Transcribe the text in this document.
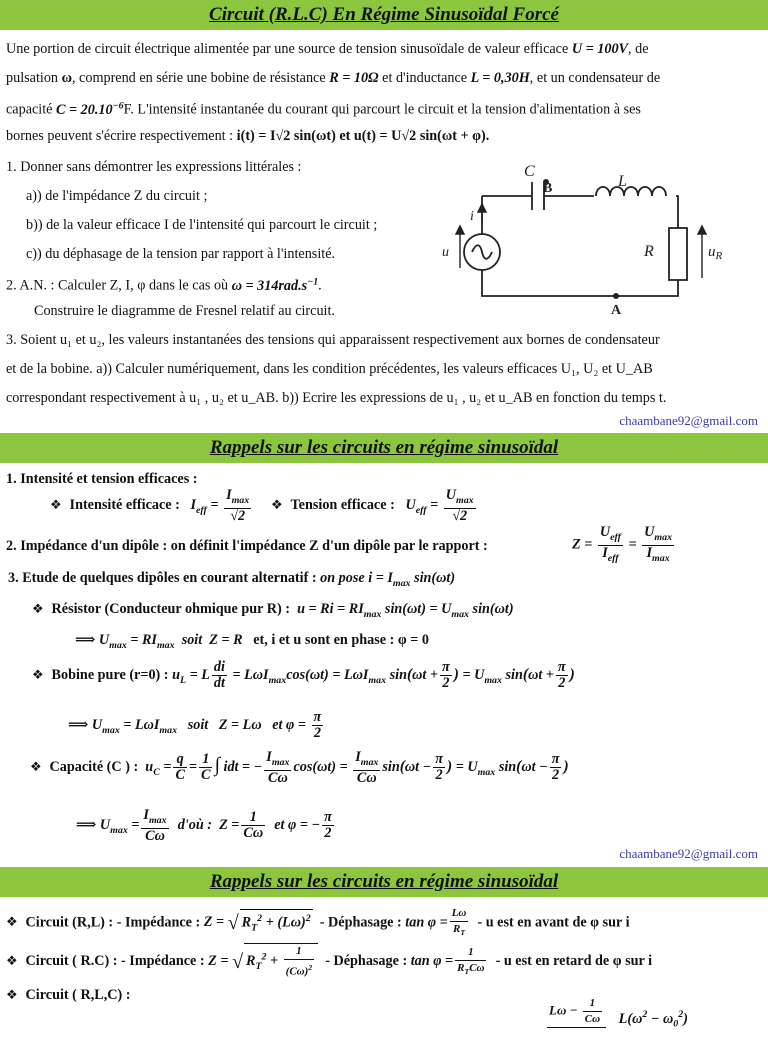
Circuit (R.L.C) En Régime Sinusoïdal Forcé
Une portion de circuit électrique alimentée par une source de tension sinusoïdale de valeur efficace U = 100V, de
pulsation ω, comprend en série une bobine de résistance R = 10Ω et d'inductance L = 0,30H, et un condensateur de
capacité $C = 20.10^{-6}F$. L'intensité instantanée du courant qui parcourt le circuit et la tension d'alimentation à ses
bornes peuvent s'écrire respectivement : i(t) = I√2 sin(ωt) et u(t) = U√2 sin(ωt + φ).
1. Donner sans démontrer les expressions littérales :
a)) de l'impédance Z du circuit ;
b)) de la valeur efficace I de l'intensité qui parcourt le circuit ;
c)) du déphasage de la tension par rapport à l'intensité.
2. A.N. : Calculer Z, I, φ dans le cas où $\omega = 314rad.s^{-1}$.
Construire le diagramme de Fresnel relatif au circuit.
3. Soient u₁ et u₂, les valeurs instantanées des tensions qui apparaissent respectivement aux bornes de condensateur
et de la bobine. a)) Calculer numériquement, dans les condition précédentes, les valeurs efficaces U₁, U₂ et U_AB
correspondant respectivement à u₁ , u₂ et u_AB. b)) Ecrire les expressions de u₁ , u₂ et u_AB en fonction du temps t.
C
L
i
u	R	$u_R$
B
A
chaambane92@gmail.com
Rappels sur les circuits en régime sinusoïdal
1. Intensité et tension efficaces :
❖ Intensité efficace : $I_{eff} = \frac{I_{max}}{√2}$ ❖ Tension efficace : $U_{eff} = \frac{U_{max}}{√2}$
2. Impédance d'un dipôle : on définit l'impédance Z d'un dipôle par le rapport :	$Z = \frac{U_{eff}}{I_{eff}} = \frac{U_{max}}{I_{max}}$
3. Etude de quelques dipôles en courant alternatif : on pose $i = I_{max}$ sin(ωt)
❖ Résistor (Conducteur ohmique pur R) : $u = Ri = RI_{max}$ $\sin(\omega t) = U_{max}$ sin(ωt)
⟹ $U_{max} = RI_{max}$  soit  Z = R et, i et u sont en phase : φ = 0
❖ Bobine pure (r=0) : $u_L = L \frac{di}{dt} = L\omega I_{max}\cos(\omega t) = L\omega I_{max}$ $\sin(\omega t + \frac{\pi}{2}$ ) = $U_{max}$ $\sin(\omega t + \frac{\pi}{2}$ )
⟹ $U_{max} = L\omega I_{max}$   soit   Z = Lω   et $\varphi = \frac{\pi}{2}$
❖ Capacité (C ) : $u_C = \frac{q}{C} = \frac{1}{C}$ ∫ idt = − $\frac{I_{max}}{C\omega} \cos(\omega t) = \frac{I_{max}}{C\omega} \sin(\omega t - \frac{\pi}{2}$ ) = $U_{max}$ $\sin(\omega t - \frac{\pi}{2}$ )
⟹ $U_{max} = \frac{I_{max}}{C\omega}$ d'où : $Z = \frac{1}{C\omega}$ et φ = − $\frac{\pi}{2}$
chaambane92@gmail.com
Rappels sur les circuits en régime sinusoïdal
❖ Circuit (R,L) : - Impédance : Z = √ $R_T^2 + (L\omega)^2$ - Déphasage : $\tan \varphi = \frac{L\omega}{R_T} - u$ est en avant de φ sur i
❖ Circuit ( R.C) : - Impédance : Z = √ $R_T^2 + \frac{1}{(C\omega)^2}$ - Déphasage : $\tan \varphi = \frac{1}{R_TC\omega} - u$ est en retard de φ sur i
❖ Circuit ( R,L,C) :
$L\omega - \frac{1}{C\omega}$
$L(\omega^2 - \omega_0^2)$
